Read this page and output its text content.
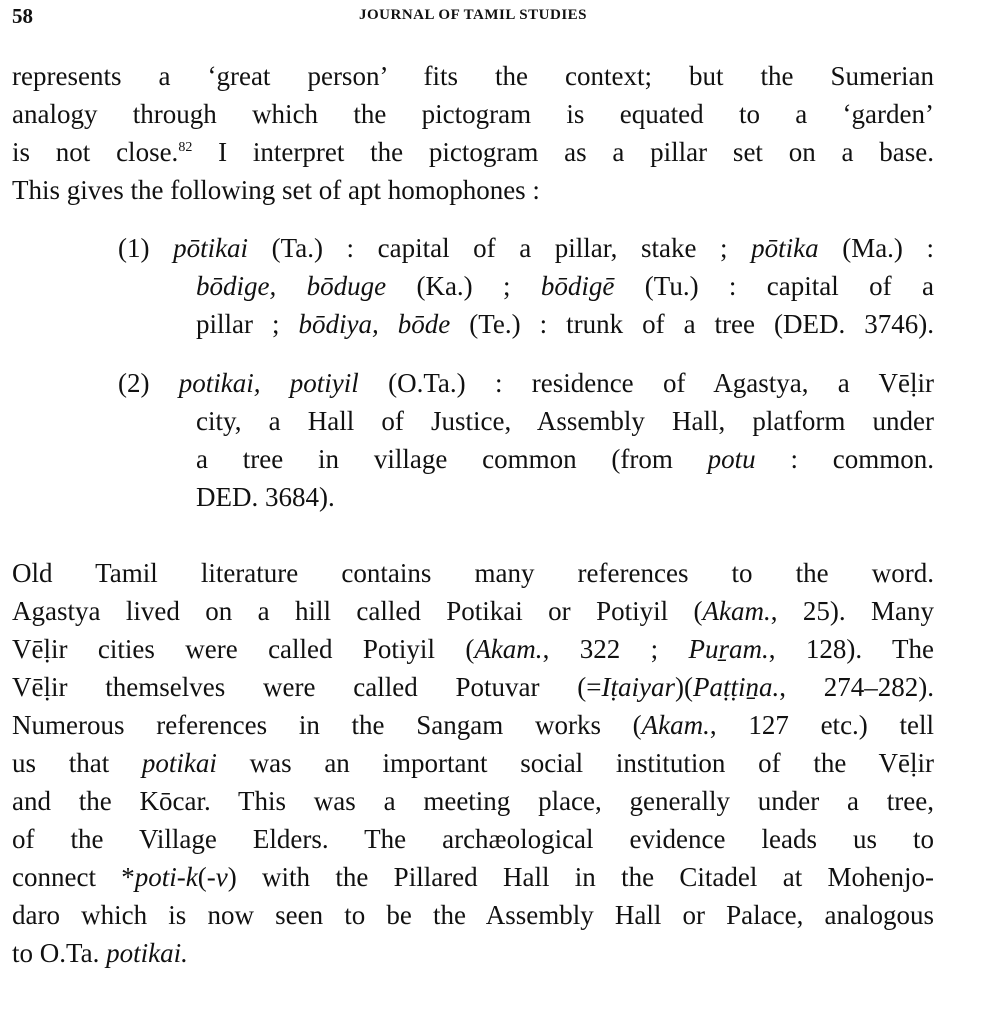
58	JOURNAL OF TAMIL STUDIES
represents a ‘great person’ fits the context; but the Sumerian
analogy through which the pictogram is equated to a ‘garden’
is not close.$^{82}$ I interpret the pictogram as a pillar set on a base.
This gives the following set of apt homophones :
(1) pōtikai (Ta.) : capital of a pillar, stake ; pōtika (Ma.) :
bōdige, bōduge (Ka.) ; bōdigē (Tu.) : capital of a
pillar ; bōdiya, bōde (Te.) : trunk of a tree (DED. 3746).
(2) potikai, potiyil (O.Ta.) : residence of Agastya, a Vēḷir
city, a Hall of Justice, Assembly Hall, platform under
a tree in village common (from potu : common.
DED. 3684).
Old Tamil literature contains many references to the word.
Agastya lived on a hill called Potikai or Potiyil (Akam., 25). Many
Vēḷir cities were called Potiyil (Akam., 322 ; Puṟam., 128). The
Vēḷir themselves were called Potuvar (=Iṭaiyar)(Paṭṭiṉa., 274–282).
Numerous references in the Sangam works (Akam., 127 etc.) tell
us that potikai was an important social institution of the Vēḷir
and the Kōcar. This was a meeting place, generally under a tree,
of the Village Elders. The archæological evidence leads us to
connect *poti-k(-v) with the Pillared Hall in the Citadel at Mohenjo-
daro which is now seen to be the Assembly Hall or Palace, analogous
to O.Ta. potikai.
